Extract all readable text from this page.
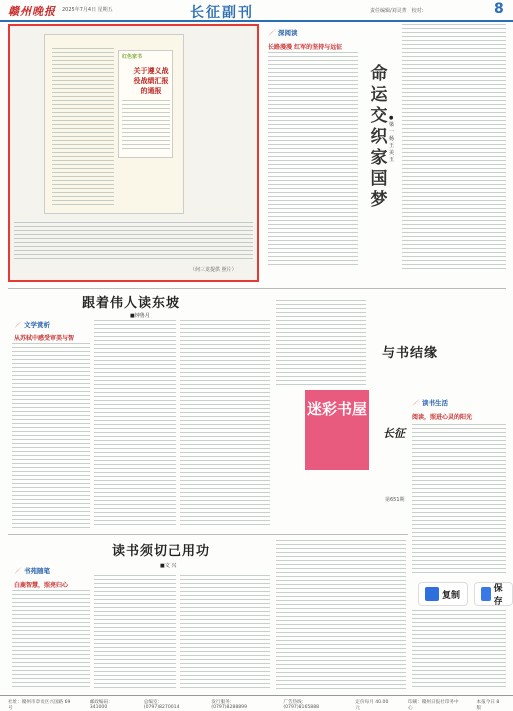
赣州晚报 2025年7月4日 星期五	长征副刊	责任编辑/刘灵菁　校对：	8
红色家书
关于遵义战役战绩汇报的通报
（何三龙提供 照片）
深阅读
长路漫漫 红军的坚持与远征
命运交织家国梦
●梁一杨 王美玉
跟着伟人读东坡
■钟鲁月
文学赏析
从苏轼中感受审美与智
与书结缘
迷彩书屋
长征
第651期
读书生活
阅读，照进心灵的阳光
读书须切己用功
■文 兴
书苑随笔
白鹿智慧，照亮归心
社址：赣州市章贡区兴国路 69 号
邮政编码：341000
总编室：(0797)8270014
发行服务：(0797)8288899
广告热线：(0797)8165888
定价每月 40.00 元
印刷：赣州日报社印务中心
本报今日 8 版
复制
保存
